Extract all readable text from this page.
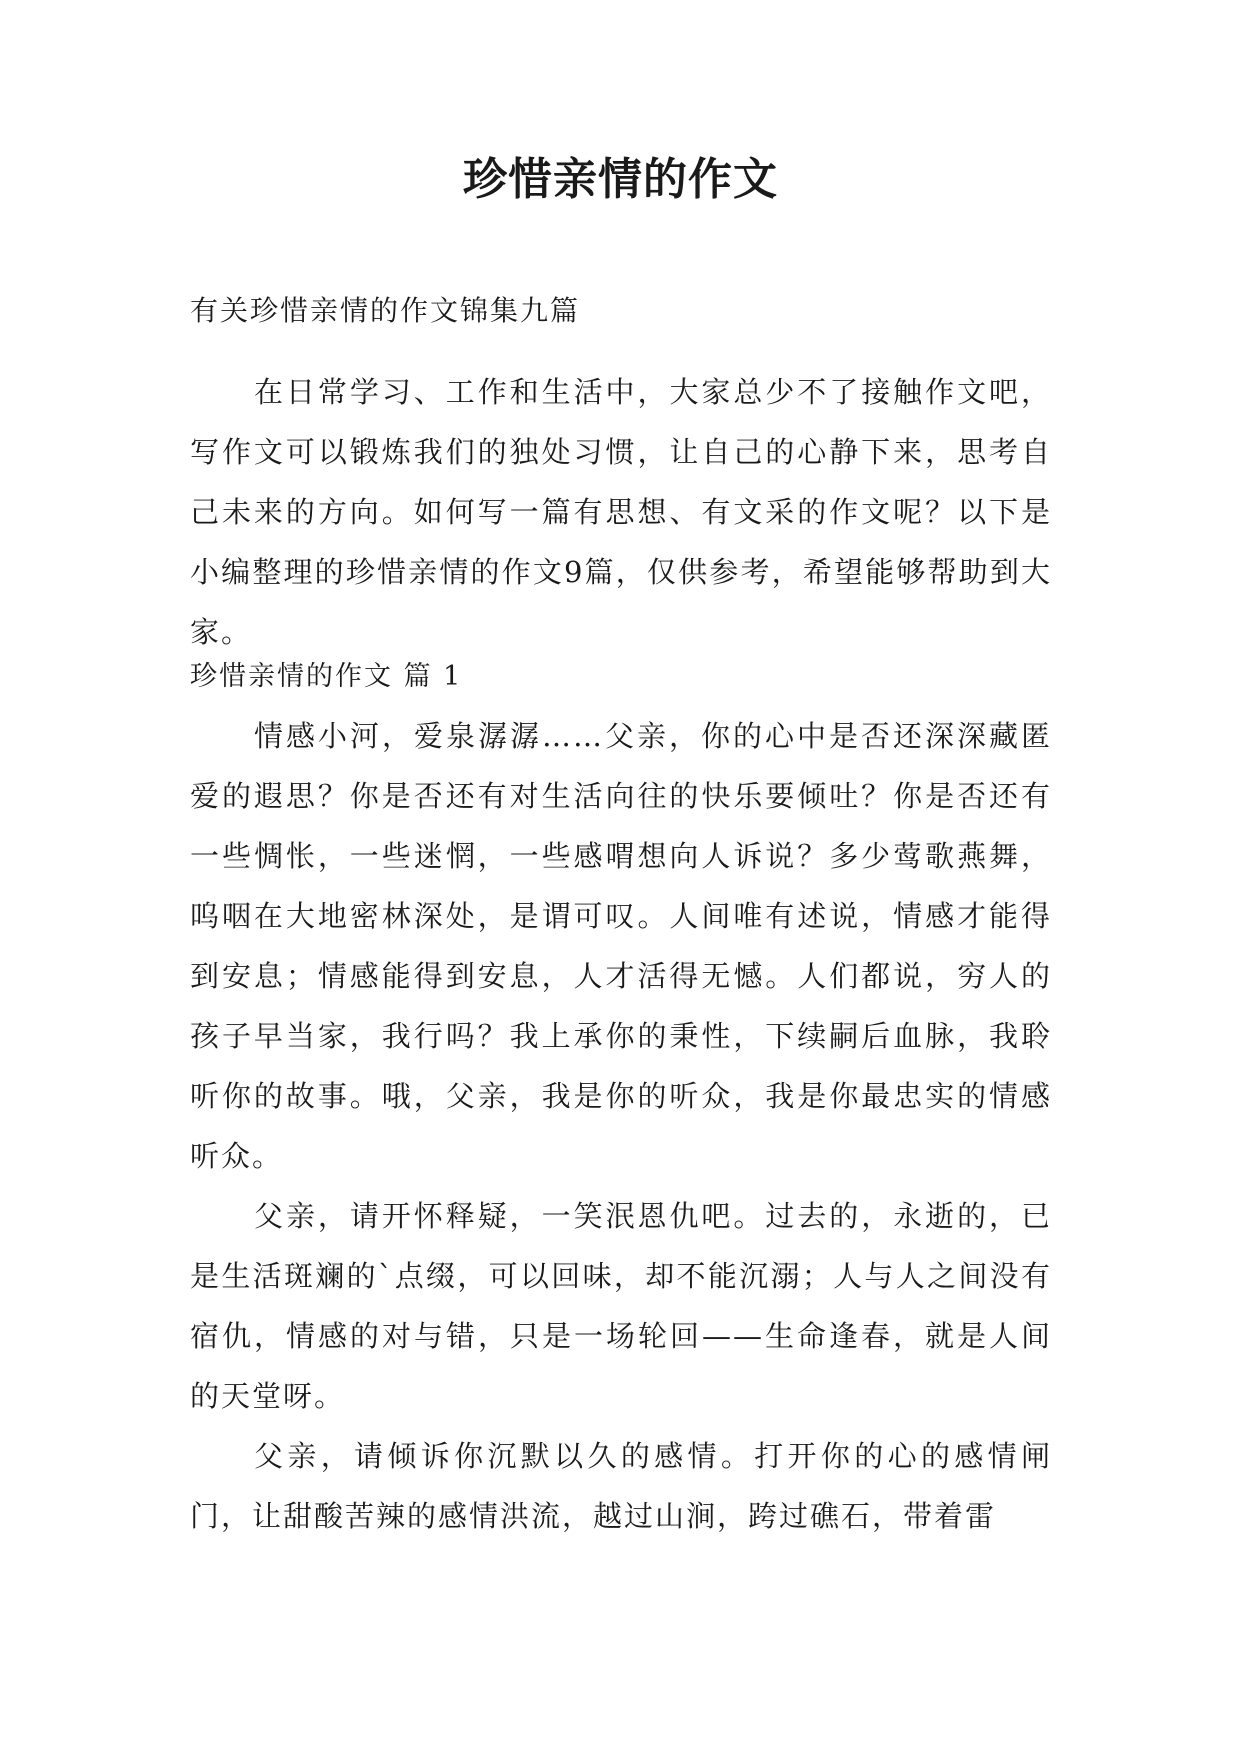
珍惜亲情的作文

有关珍惜亲情的作文锦集九篇

在日常学习、工作和生活中，大家总少不了接触作文吧，写作文可以锻炼我们的独处习惯，让自己的心静下来，思考自己未来的方向。如何写一篇有思想、有文采的作文呢？以下是小编整理的珍惜亲情的作文9篇，仅供参考，希望能够帮助到大家。

珍惜亲情的作文 篇 1

情感小河，爱泉潺潺……父亲，你的心中是否还深深藏匿爱的遐思？你是否还有对生活向往的快乐要倾吐？你是否还有一些惆怅，一些迷惘，一些感喟想向人诉说？多少莺歌燕舞，呜咽在大地密林深处，是谓可叹。人间唯有述说，情感才能得到安息；情感能得到安息，人才活得无憾。人们都说，穷人的孩子早当家，我行吗？我上承你的秉性，下续嗣后血脉，我聆听你的故事。哦，父亲，我是你的听众，我是你最忠实的情感听众。

父亲，请开怀释疑，一笑泯恩仇吧。过去的，永逝的，已是生活斑斓的`点缀，可以回味，却不能沉溺；人与人之间没有宿仇，情感的对与错，只是一场轮回——生命逢春，就是人间的天堂呀。

父亲，请倾诉你沉默以久的感情。打开你的心的感情闸门，让甜酸苦辣的感情洪流，越过山涧，跨过礁石，带着雷
